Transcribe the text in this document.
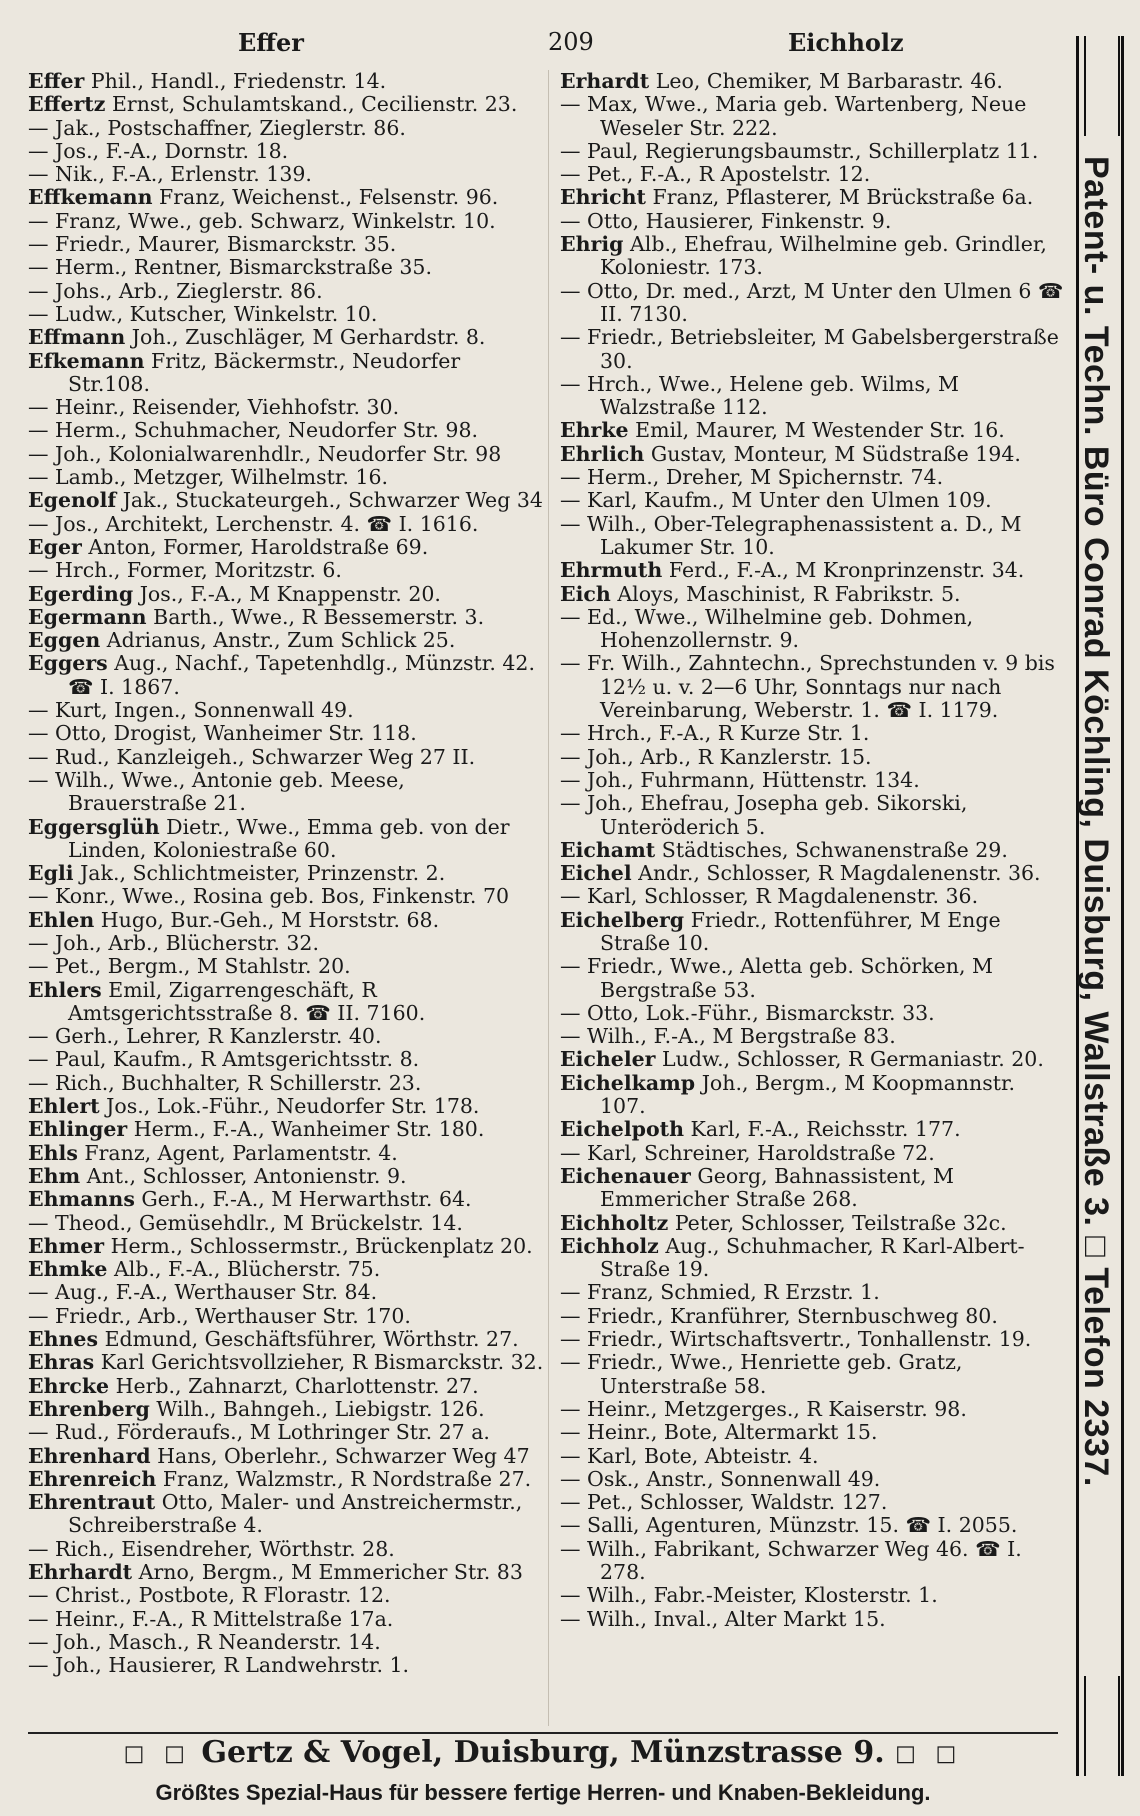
Effer	209	Eichholz

Effer Phil., Handl., Friedenstr. 14.

Effertz Ernst, Schulamtskand., Cecilienstr. 23.

— Jak., Postschaffner, Zieglerstr. 86.

— Jos., F.-A., Dornstr. 18.

— Nik., F.-A., Erlenstr. 139.

Effkemann Franz, Weichenst., Felsenstr. 96.

— Franz, Wwe., geb. Schwarz, Winkelstr. 10.

— Friedr., Maurer, Bismarckstr. 35.

— Herm., Rentner, Bismarckstraße 35.

— Johs., Arb., Zieglerstr. 86.

— Ludw., Kutscher, Winkelstr. 10.

Effmann Joh., Zuschläger, M Gerhardstr. 8.

Efkemann Fritz, Bäckermstr., Neudorfer Str.108.

— Heinr., Reisender, Viehhofstr. 30.

— Herm., Schuhmacher, Neudorfer Str. 98.

— Joh., Kolonialwarenhdlr., Neudorfer Str. 98

— Lamb., Metzger, Wilhelmstr. 16.

Egenolf Jak., Stuckateurgeh., Schwarzer Weg 34

— Jos., Architekt, Lerchenstr. 4. ☎ I. 1616.

Eger Anton, Former, Haroldstraße 69.

— Hrch., Former, Moritzstr. 6.

Egerding Jos., F.-A., M Knappenstr. 20.

Egermann Barth., Wwe., R Bessemerstr. 3.

Eggen Adrianus, Anstr., Zum Schlick 25.

Eggers Aug., Nachf., Tapetenhdlg., Münzstr. 42. ☎ I. 1867.

— Kurt, Ingen., Sonnenwall 49.

— Otto, Drogist, Wanheimer Str. 118.

— Rud., Kanzleigeh., Schwarzer Weg 27 II.

— Wilh., Wwe., Antonie geb. Meese, Brauerstraße 21.

Eggersglüh Dietr., Wwe., Emma geb. von der Linden, Koloniestraße 60.

Egli Jak., Schlichtmeister, Prinzenstr. 2.

— Konr., Wwe., Rosina geb. Bos, Finkenstr. 70

Ehlen Hugo, Bur.-Geh., M Horststr. 68.

— Joh., Arb., Blücherstr. 32.

— Pet., Bergm., M Stahlstr. 20.

Ehlers Emil, Zigarrengeschäft, R Amtsgerichtsstraße 8. ☎ II. 7160.

— Gerh., Lehrer, R Kanzlerstr. 40.

— Paul, Kaufm., R Amtsgerichtsstr. 8.

— Rich., Buchhalter, R Schillerstr. 23.

Ehlert Jos., Lok.-Führ., Neudorfer Str. 178.

Ehlinger Herm., F.-A., Wanheimer Str. 180.

Ehls Franz, Agent, Parlamentstr. 4.

Ehm Ant., Schlosser, Antonienstr. 9.

Ehmanns Gerh., F.-A., M Herwarthstr. 64.

— Theod., Gemüsehdlr., M Brückelstr. 14.

Ehmer Herm., Schlossermstr., Brückenplatz 20.

Ehmke Alb., F.-A., Blücherstr. 75.

— Aug., F.-A., Werthauser Str. 84.

— Friedr., Arb., Werthauser Str. 170.

Ehnes Edmund, Geschäftsführer, Wörthstr. 27.

Ehras Karl Gerichtsvollzieher, R Bismarckstr. 32.

Ehrcke Herb., Zahnarzt, Charlottenstr. 27.

Ehrenberg Wilh., Bahngeh., Liebigstr. 126.

— Rud., Förderaufs., M Lothringer Str. 27 a.

Ehrenhard Hans, Oberlehr., Schwarzer Weg 47

Ehrenreich Franz, Walzmstr., R Nordstraße 27.

Ehrentraut Otto, Maler- und Anstreichermstr., Schreiberstraße 4.

— Rich., Eisendreher, Wörthstr. 28.

Ehrhardt Arno, Bergm., M Emmericher Str. 83

— Christ., Postbote, R Florastr. 12.

— Heinr., F.-A., R Mittelstraße 17a.

— Joh., Masch., R Neanderstr. 14.

— Joh., Hausierer, R Landwehrstr. 1.

Erhardt Leo, Chemiker, M Barbarastr. 46.

— Max, Wwe., Maria geb. Wartenberg, Neue Weseler Str. 222.

— Paul, Regierungsbaumstr., Schillerplatz 11.

— Pet., F.-A., R Apostelstr. 12.

Ehricht Franz, Pflasterer, M Brückstraße 6a.

— Otto, Hausierer, Finkenstr. 9.

Ehrig Alb., Ehefrau, Wilhelmine geb. Grindler, Koloniestr. 173.

— Otto, Dr. med., Arzt, M Unter den Ulmen 6 ☎ II. 7130.

— Friedr., Betriebsleiter, M Gabelsbergerstraße 30.

— Hrch., Wwe., Helene geb. Wilms, M Walzstraße 112.

Ehrke Emil, Maurer, M Westender Str. 16.

Ehrlich Gustav, Monteur, M Südstraße 194.

— Herm., Dreher, M Spichernstr. 74.

— Karl, Kaufm., M Unter den Ulmen 109.

— Wilh., Ober-Telegraphenassistent a. D., M Lakumer Str. 10.

Ehrmuth Ferd., F.-A., M Kronprinzenstr. 34.

Eich Aloys, Maschinist, R Fabrikstr. 5.

— Ed., Wwe., Wilhelmine geb. Dohmen, Hohenzollernstr. 9.

— Fr. Wilh., Zahntechn., Sprechstunden v. 9 bis 12½ u. v. 2—6 Uhr, Sonntags nur nach Vereinbarung, Weberstr. 1. ☎ I. 1179.

— Hrch., F.-A., R Kurze Str. 1.

— Joh., Arb., R Kanzlerstr. 15.

— Joh., Fuhrmann, Hüttenstr. 134.

— Joh., Ehefrau, Josepha geb. Sikorski, Unteröderich 5.

Eichamt Städtisches, Schwanenstraße 29.

Eichel Andr., Schlosser, R Magdalenenstr. 36.

— Karl, Schlosser, R Magdalenenstr. 36.

Eichelberg Friedr., Rottenführer, M Enge Straße 10.

— Friedr., Wwe., Aletta geb. Schörken, M Bergstraße 53.

— Otto, Lok.-Führ., Bismarckstr. 33.

— Wilh., F.-A., M Bergstraße 83.

Eicheler Ludw., Schlosser, R Germaniastr. 20.

Eichelkamp Joh., Bergm., M Koopmannstr. 107.

Eichelpoth Karl, F.-A., Reichsstr. 177.

— Karl, Schreiner, Haroldstraße 72.

Eichenauer Georg, Bahnassistent, M Emmericher Straße 268.

Eichholtz Peter, Schlosser, Teilstraße 32c.

Eichholz Aug., Schuhmacher, R Karl-Albert-Straße 19.

— Franz, Schmied, R Erzstr. 1.

— Friedr., Kranführer, Sternbuschweg 80.

— Friedr., Wirtschaftsvertr., Tonhallenstr. 19.

— Friedr., Wwe., Henriette geb. Gratz, Unterstraße 58.

— Heinr., Metzgerges., R Kaiserstr. 98.

— Heinr., Bote, Altermarkt 15.

— Karl, Bote, Abteistr. 4.

— Osk., Anstr., Sonnenwall 49.

— Pet., Schlosser, Waldstr. 127.

— Salli, Agenturen, Münzstr. 15. ☎ I. 2055.

— Wilh., Fabrikant, Schwarzer Weg 46. ☎ I. 278.

— Wilh., Fabr.-Meister, Klosterstr. 1.

— Wilh., Inval., Alter Markt 15.

Patent- u. Techn. Büro Conrad Köchling, Duisburg, Wallstraße 3. □ Telefon 2337.
□ □ Gertz & Vogel, Duisburg, Münzstrasse 9. □ □
Größtes Spezial-Haus für bessere fertige Herren- und Knaben-Bekleidung.
